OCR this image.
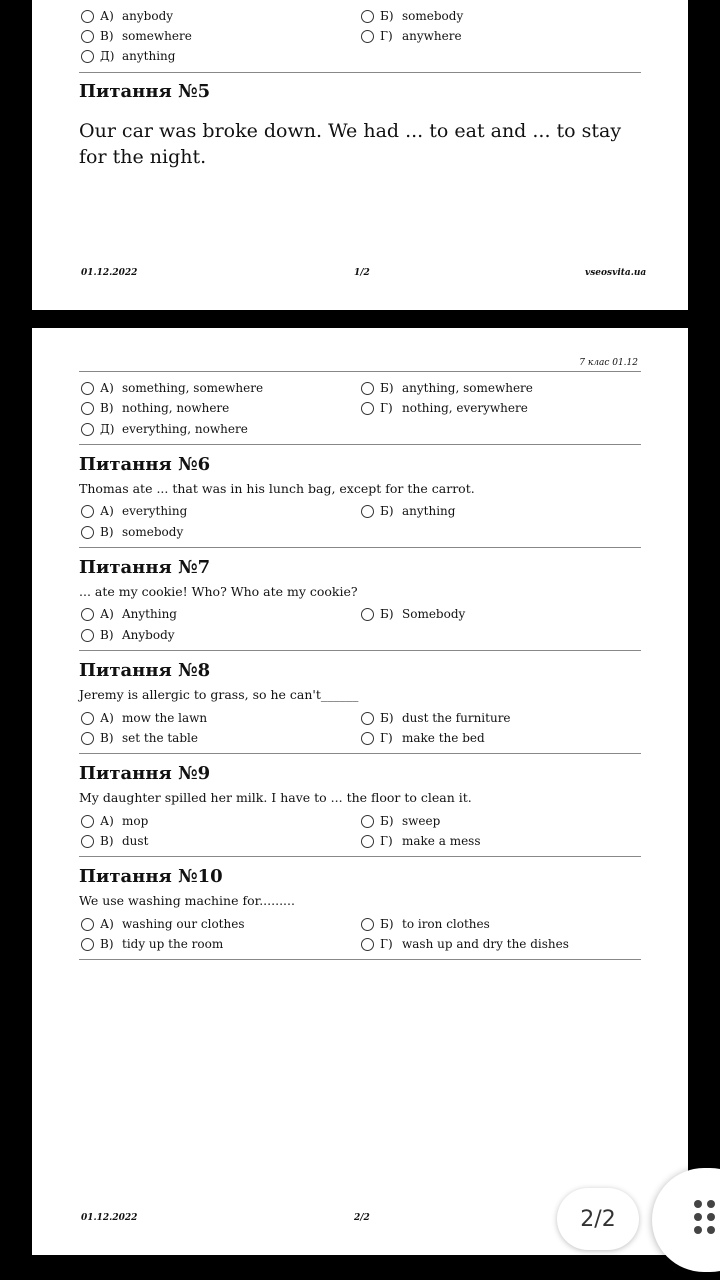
А) anybody	Б) somebody
В) somewhere	Г) anywhere
Д) anything
Питання №5
Our car was broke down. We had ... to eat and ... to stay for the night.
01.12.2022	1/2	vseosvita.ua
7 клас 01.12
А) something, somewhere	Б) anything, somewhere
В) nothing, nowhere	Г) nothing, everywhere
Д) everything, nowhere
Питання №6
Thomas ate ... that was in his lunch bag, except for the carrot.
А) everything	Б) anything
В) somebody
Питання №7
... ate my cookie! Who? Who ate my cookie?
А) Anything	Б) Somebody
В) Anybody
Питання №8
Jeremy is allergic to grass, so he can't______
А) mow the lawn	Б) dust the furniture
В) set the table	Г) make the bed
Питання №9
My daughter spilled her milk. I have to ... the floor to clean it.
А) mop	Б) sweep
В) dust	Г) make a mess
Питання №10
We use washing machine for.........
А) washing our clothes	Б) to iron clothes
В) tidy up the room	Г) wash up and dry the dishes
01.12.2022	2/2	2/2
